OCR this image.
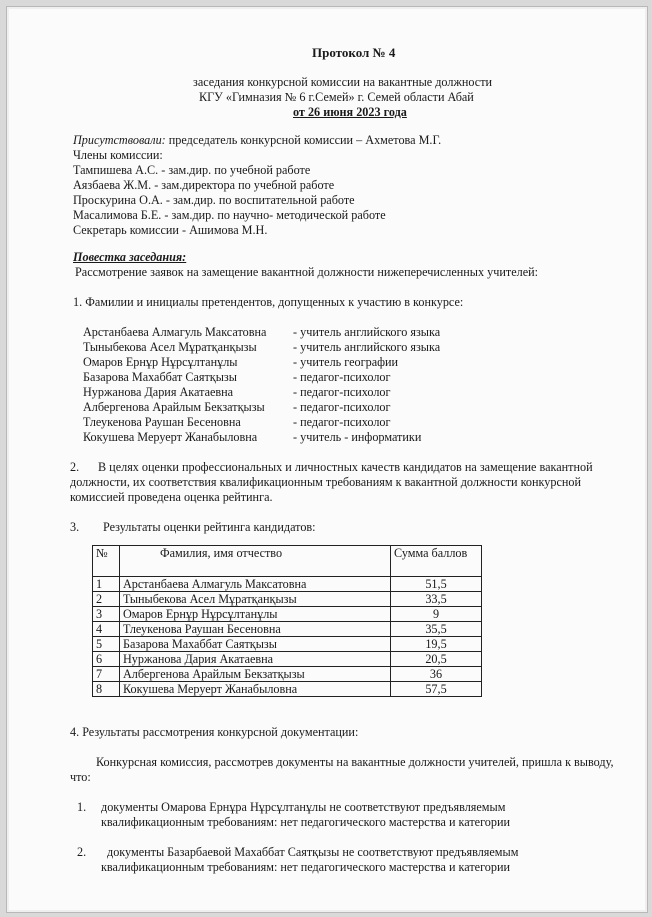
Протокол № 4
заседания конкурсной комиссии на вакантные должности
КГУ «Гимназия № 6 г.Семей» г. Семей области Абай
от 26 июня 2023 года
Присутствовали: председатель конкурсной комиссии – Ахметова М.Г.
Члены комиссии:
Тампишева А.С. - зам.дир. по учебной работе
Аязбаева Ж.М. - зам.директора по учебной работе
Проскурина О.А. - зам.дир. по воспитательной работе
Масалимова Б.Е. - зам.дир. по научно- методической работе
Секретарь комиссии - Ашимова М.Н.
Повестка заседания:
Рассмотрение заявок на замещение вакантной должности нижеперечисленных учителей:
1. Фамилии и инициалы претендентов, допущенных к участию в конкурсе:
Арстанбаева Алмагуль Максатовна - учитель английского языка
Тыныбекова Асел Мұратқанқызы	- учитель английского языка
Омаров Ернұр Нұрсұлтанұлы	- учитель географии
Базарова Махаббат Саятқызы	- педагог-психолог
Нуржанова Дария Акатаевна	- педагог-психолог
Албергенова Арайлым Бекзатқызы - педагог-психолог
Тлеукенова Раушан Бесеновна	- педагог-психолог
Кокушева Меруерт Жанабыловна	- учитель - информатики
2.	В целях оценки профессиональных и личностных качеств кандидатов на замещение вакантной должности, их соответствия квалификационным требованиям к вакантной должности конкурсной комиссией проведена оценка рейтинга.
3. Результаты оценки рейтинга кандидатов:
№	Фамилия, имя отчество	Сумма баллов
1	Арстанбаева Алмагуль Максатовна	51,5
2	Тыныбекова Асел Мұратқанқызы	33,5
3	Омаров Ернұр Нұрсұлтанұлы	9
4	Тлеукенова Раушан Бесеновна	35,5
5	Базарова Махаббат Саятқызы	19,5
6	Нуржанова Дария Акатаевна	20,5
7	Албергенова Арайлым Бекзатқызы	36
8	Кокушева Меруерт Жанабыловна	57,5
4. Результаты рассмотрения конкурсной документации:
Конкурсная комиссия, рассмотрев документы на вакантные должности учителей, пришла к выводу, что:
1. документы Омарова Ернұра Нұрсұлтанұлы не соответствуют предъявляемым
квалификационным требованиям: нет педагогического мастерства и категории
2. документы Базарбаевой Махаббат Саятқызы не соответствуют предъявляемым
квалификационным требованиям: нет педагогического мастерства и категории
